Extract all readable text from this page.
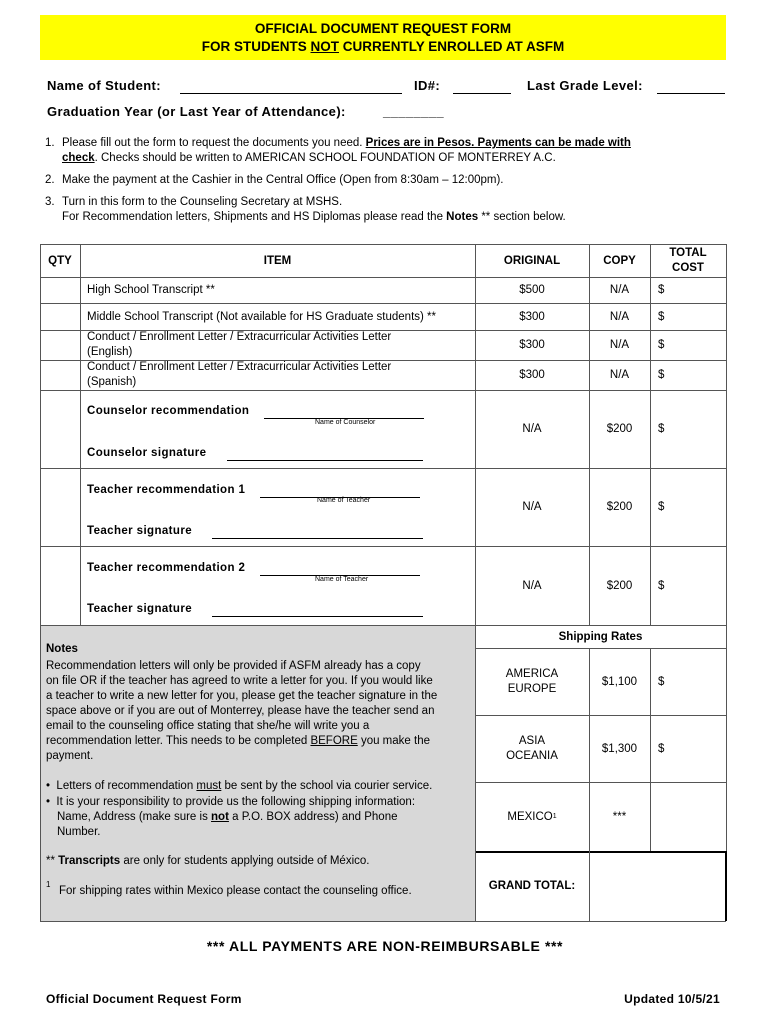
OFFICIAL DOCUMENT REQUEST FORM
FOR STUDENTS NOT CURRENTLY ENROLLED AT ASFM
Name of Student:	ID#:	Last Grade Level:
Graduation Year (or Last Year of Attendance):	________
1. Please fill out the form to request the documents you need. Prices are in Pesos. Payments can be made with
check. Checks should be written to AMERICAN SCHOOL FOUNDATION OF MONTERREY A.C.
2. Make the payment at the Cashier in the Central Office (Open from 8:30am – 12:00pm).
3. Turn in this form to the Counseling Secretary at MSHS.
For Recommendation letters, Shipments and HS Diplomas please read the Notes ** section below.
QTY	ITEM	ORIGINAL	COPY
TOTAL
COST
High School Transcript **	$500	N/A	$
Middle School Transcript (Not available for HS Graduate students) **	$300	N/A	$
Conduct / Enrollment Letter / Extracurricular Activities Letter
(English)
$300	N/A	$
Conduct / Enrollment Letter / Extracurricular Activities Letter
(Spanish)
$300	N/A	$
Counselor recommendation
Name of Counselor
Counselor signature
N/A	$200	$
Teacher recommendation 1
Name of Teacher
Teacher signature
N/A	$200	$
Teacher recommendation 2
Name of Teacher
Teacher signature
N/A	$200	$
Notes
Recommendation letters will only be provided if ASFM already has a copy
on file OR if the teacher has agreed to write a letter for you. If you would like
a teacher to write a new letter for you, please get the teacher signature in the
space above or if you are out of Monterrey, please have the teacher send an
email to the counseling office stating that she/he will write you a
recommendation letter. This needs to be completed BEFORE you make the
payment.
•  Letters of recommendation must be sent by the school via courier service.
•  It is your responsibility to provide us the following shipping information:
Name, Address (make sure is not a P.O. BOX address) and Phone
Number.
** Transcripts are only for students applying outside of México.
1
For shipping rates within Mexico please contact the counseling office.
Shipping Rates
AMERICA
EUROPE
$1,100	$
ASIA
OCEANIA
$1,300	$
MEXICO 1	***
GRAND TOTAL:
*** ALL PAYMENTS ARE NON-REIMBURSABLE ***
Official Document Request Form	Updated 10/5/21
